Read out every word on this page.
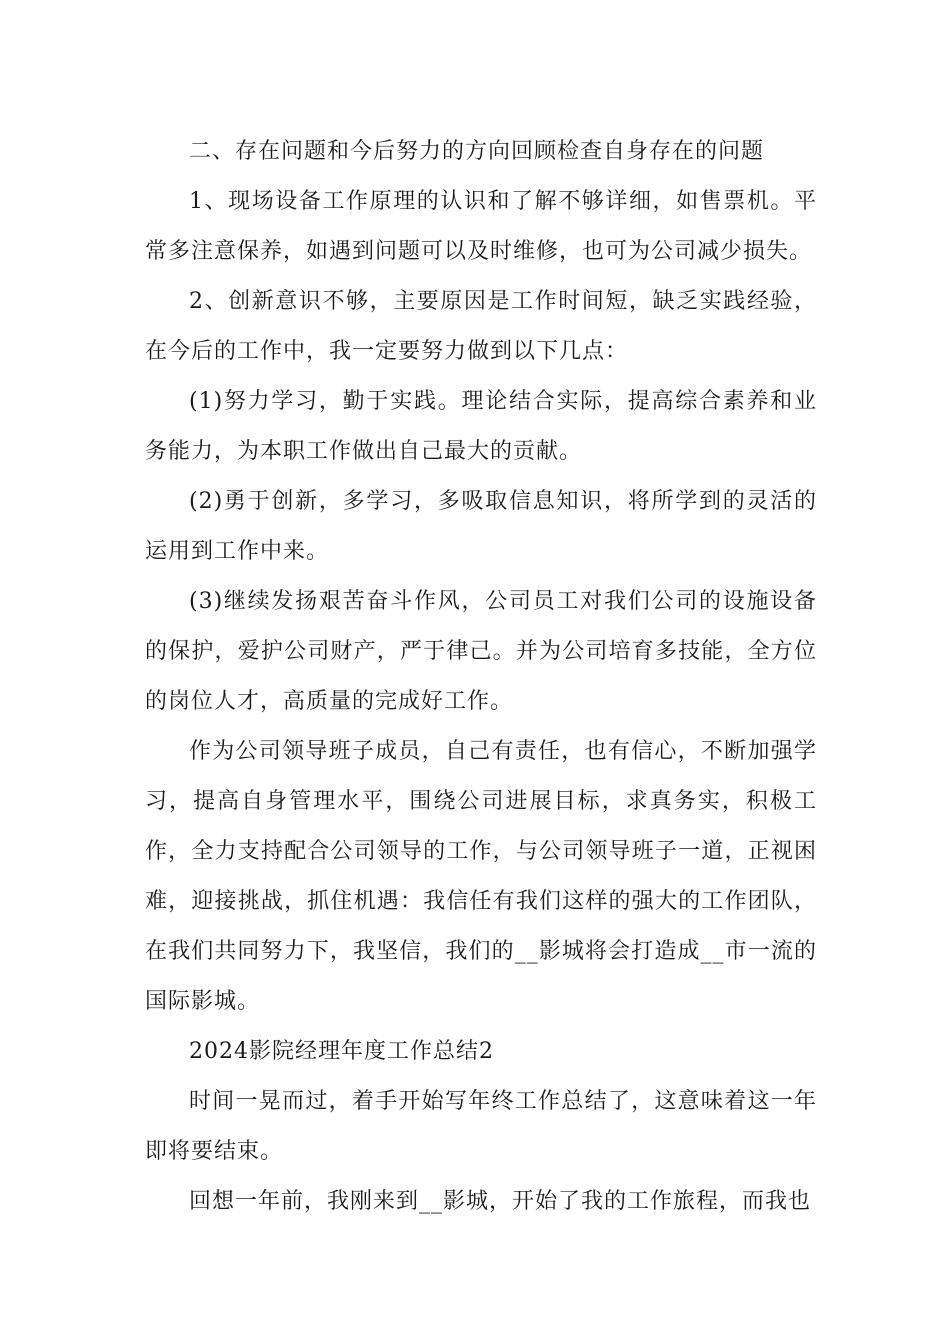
二、存在问题和今后努力的方向回顾检查自身存在的问题

1、现场设备工作原理的认识和了解不够详细，如售票机。平常多注意保养，如遇到问题可以及时维修，也可为公司减少损失。

2、创新意识不够，主要原因是工作时间短，缺乏实践经验，在今后的工作中，我一定要努力做到以下几点：

(1)努力学习，勤于实践。理论结合实际，提高综合素养和业务能力，为本职工作做出自己最大的贡献。

(2)勇于创新，多学习，多吸取信息知识，将所学到的灵活的运用到工作中来。

(3)继续发扬艰苦奋斗作风，公司员工对我们公司的设施设备的保护，爱护公司财产，严于律己。并为公司培育多技能，全方位的岗位人才，高质量的完成好工作。

作为公司领导班子成员，自己有责任，也有信心，不断加强学习，提高自身管理水平，围绕公司进展目标，求真务实，积极工作，全力支持配合公司领导的工作，与公司领导班子一道，正视困难，迎接挑战，抓住机遇：我信任有我们这样的强大的工作团队，在我们共同努力下，我坚信，我们的__影城将会打造成__市一流的国际影城。

2024影院经理年度工作总结2

时间一晃而过，着手开始写年终工作总结了，这意味着这一年即将要结束。

回想一年前，我刚来到__影城，开始了我的工作旅程，而我也
